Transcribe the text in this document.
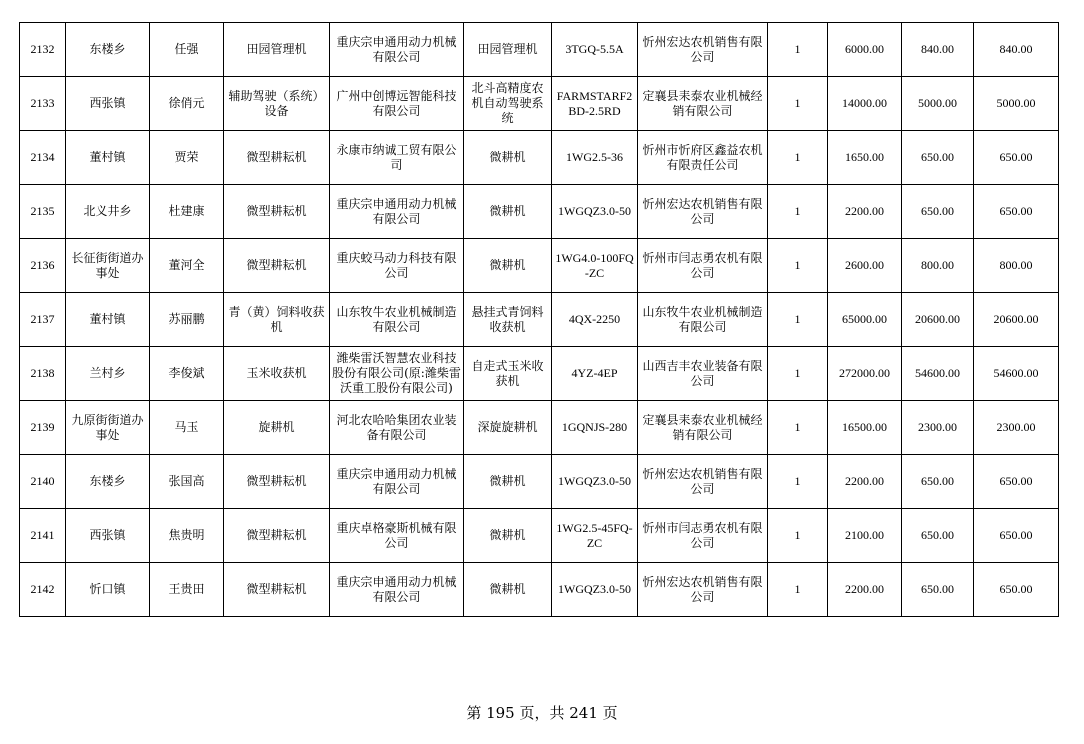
2132	东楼乡	任强	田园管理机	重庆宗申通用动力机械有限公司	田园管理机	3TGQ-5.5A	忻州宏达农机销售有限公司	1	6000.00	840.00	840.00

2133	西张镇	徐俏元	辅助驾驶（系统）设备	广州中创博远智能科技有限公司	北斗高精度农机自动驾驶系统	FARMSTARF2BD-2.5RD	定襄县耒泰农业机械经销有限公司	1	14000.00	5000.00	5000.00

2134	董村镇	贾荣	微型耕耘机	永康市纳诚工贸有限公司	微耕机	1WG2.5-36	忻州市忻府区鑫益农机有限责任公司	1	1650.00	650.00	650.00

2135	北义井乡	杜建康	微型耕耘机	重庆宗申通用动力机械有限公司	微耕机	1WGQZ3.0-50	忻州宏达农机销售有限公司	1	2200.00	650.00	650.00

2136	长征街街道办事处	董河全	微型耕耘机	重庆蛟马动力科技有限公司	微耕机	1WG4.0-100FQ-ZC	忻州市闫志勇农机有限公司	1	2600.00	800.00	800.00

2137	董村镇	苏丽鹏	青（黄）饲料收获机	山东牧牛农业机械制造有限公司	悬挂式青饲料收获机	4QX-2250	山东牧牛农业机械制造有限公司	1	65000.00	20600.00	20600.00

2138	兰村乡	李俊斌	玉米收获机	潍柴雷沃智慧农业科技股份有限公司(原:潍柴雷沃重工股份有限公司)	自走式玉米收获机	4YZ-4EP	山西吉丰农业装备有限公司	1	272000.00	54600.00	54600.00

2139	九原街街道办事处	马玉	旋耕机	河北农哈哈集团农业装备有限公司	深旋旋耕机	1GQNJS-280	定襄县耒泰农业机械经销有限公司	1	16500.00	2300.00	2300.00

2140	东楼乡	张国高	微型耕耘机	重庆宗申通用动力机械有限公司	微耕机	1WGQZ3.0-50	忻州宏达农机销售有限公司	1	2200.00	650.00	650.00

2141	西张镇	焦贵明	微型耕耘机	重庆卓格豪斯机械有限公司	微耕机	1WG2.5-45FQ-ZC	忻州市闫志勇农机有限公司	1	2100.00	650.00	650.00

2142	忻口镇	王贵田	微型耕耘机	重庆宗申通用动力机械有限公司	微耕机	1WGQZ3.0-50	忻州宏达农机销售有限公司	1	2200.00	650.00	650.00
第 195 页，共 241 页
